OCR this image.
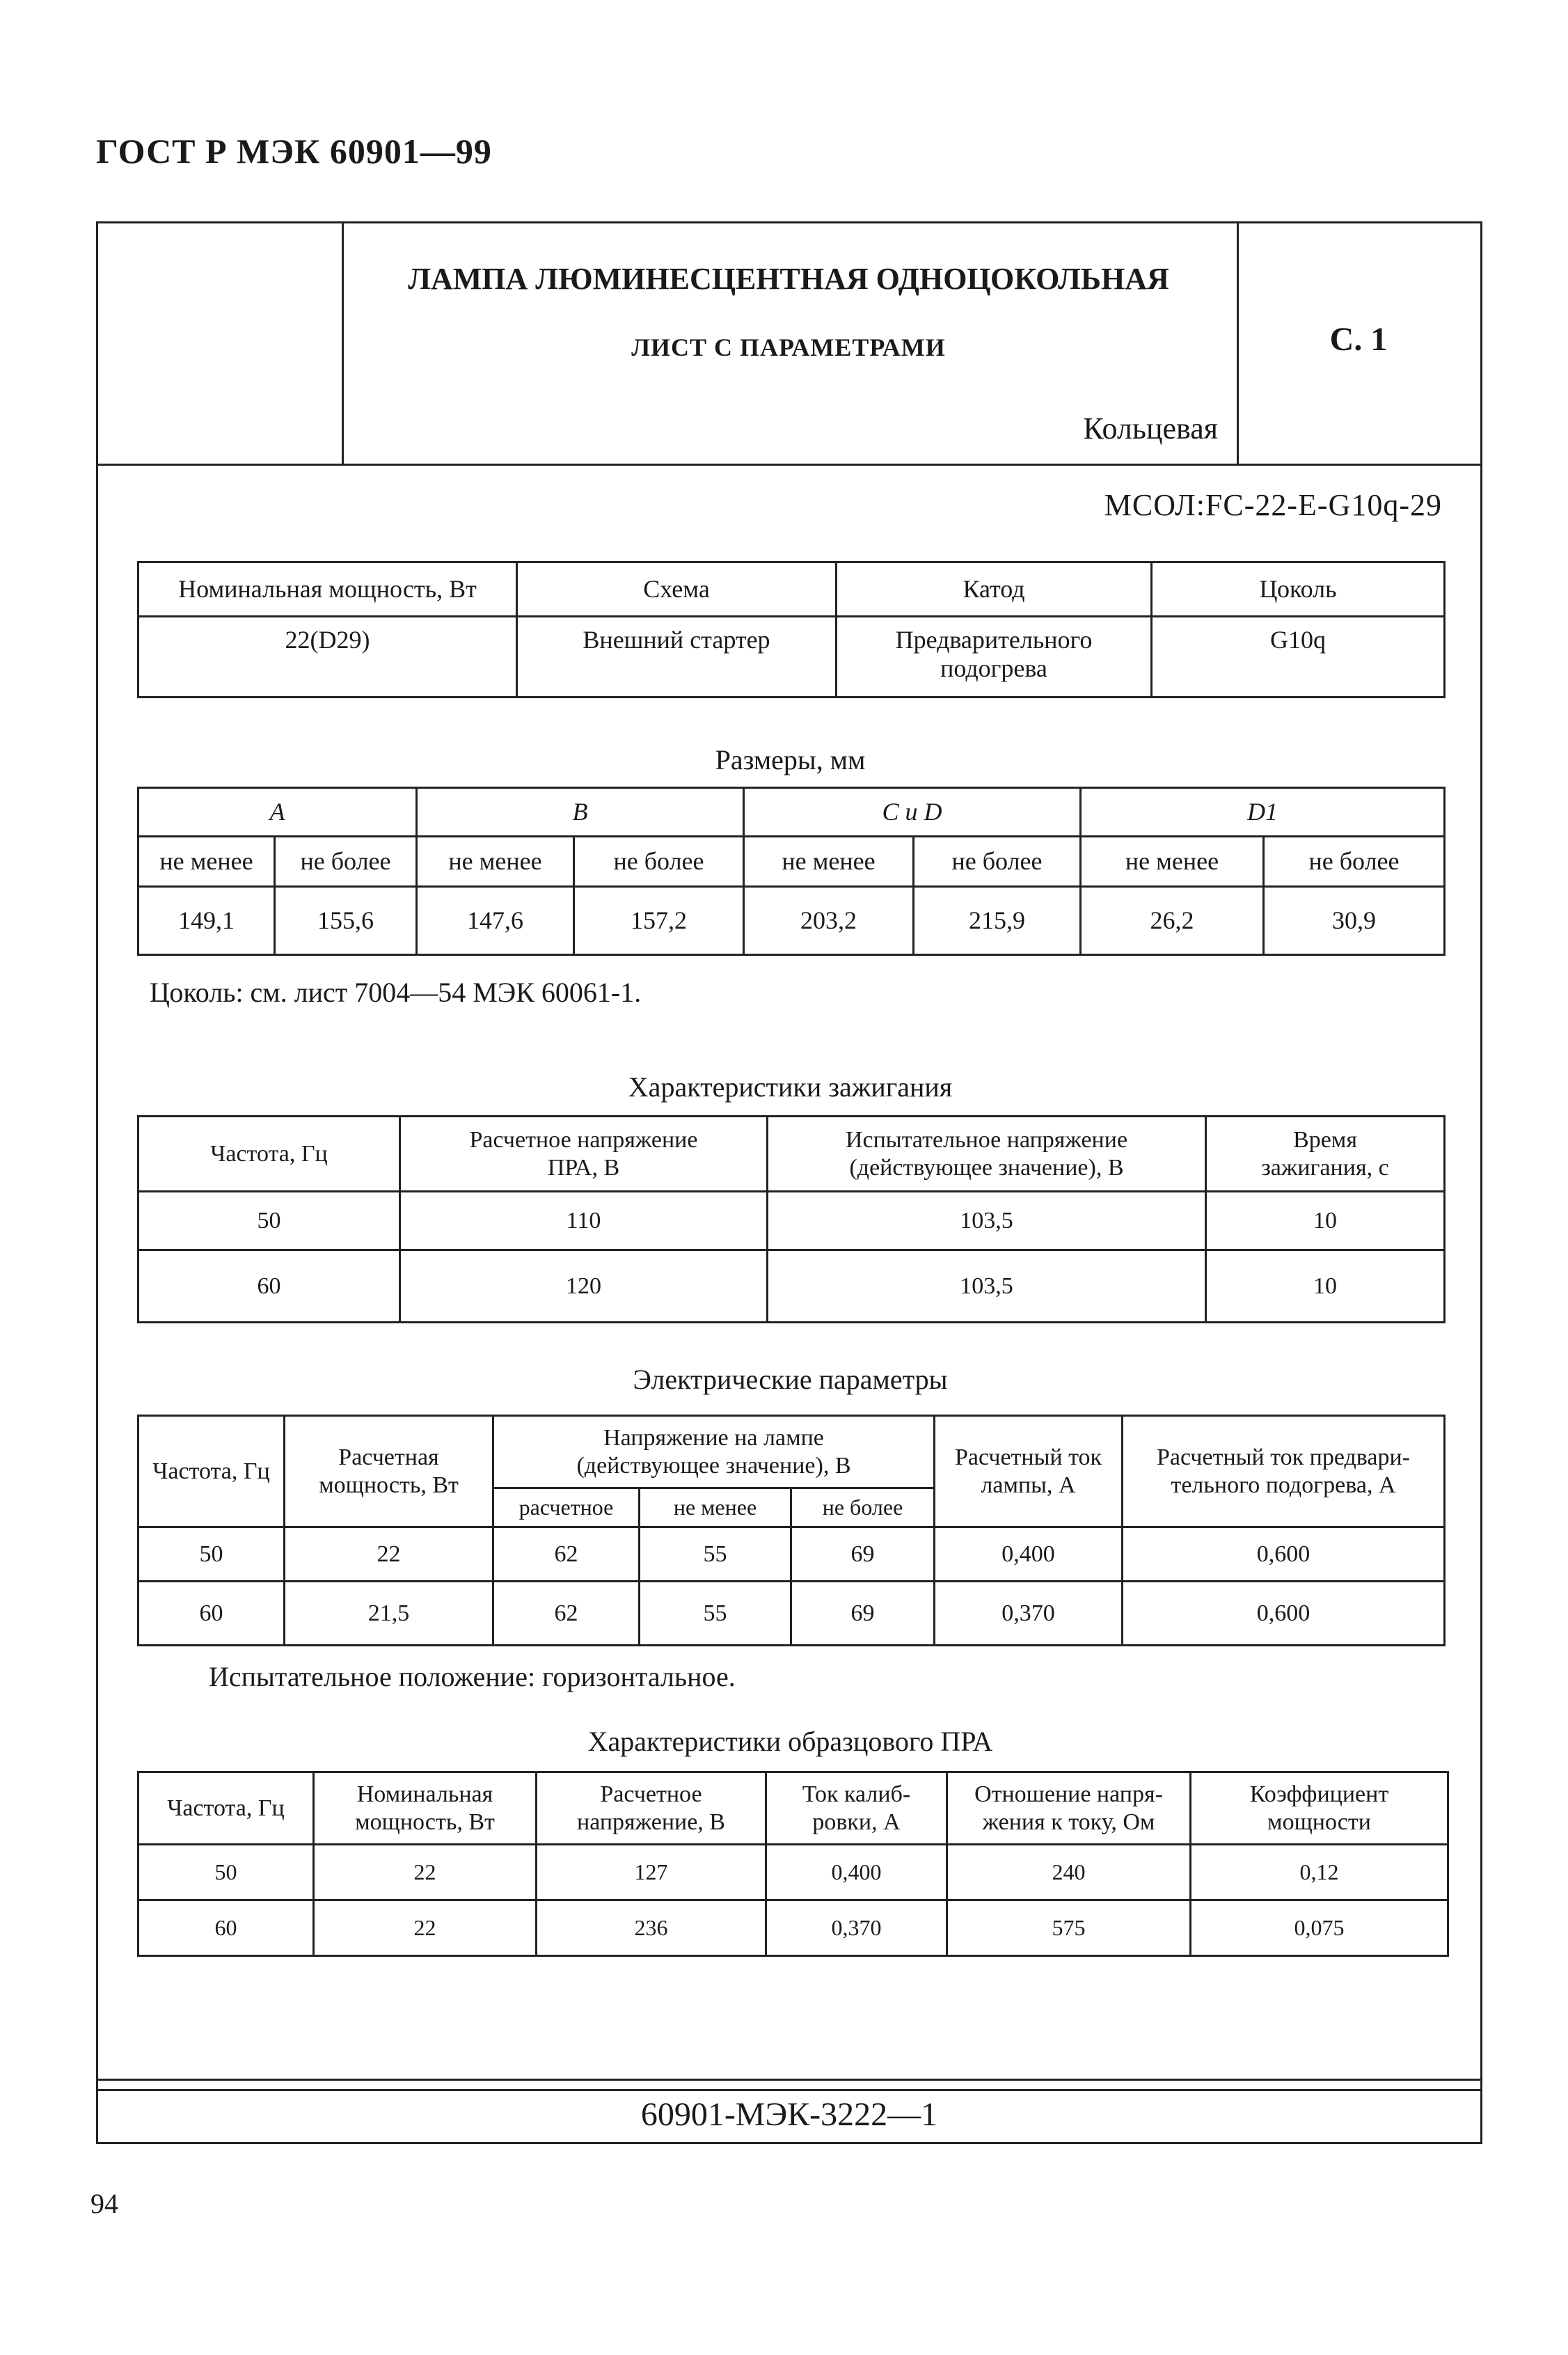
ГОСТ Р МЭК 60901—99
ЛАМПА ЛЮМИНЕСЦЕНТНАЯ ОДНОЦОКОЛЬНАЯ
ЛИСТ С ПАРАМЕТРАМИ	С. 1
Кольцевая
МСОЛ:FC-22-E-G10q-29
Номинальная мощность, Вт	Схема	Катод	Цоколь
22(D29)	Внешний стартер	Предварительного подогрева	G10q
Размеры, мм
A		B		C и D		D1	
не менее	не более	не менее	не более	не менее	не более	не менее	не более
149,1	155,6	147,6	157,2	203,2	215,9	26,2	30,9
Цоколь: см. лист 7004—54 МЭК 60061-1.
Характеристики зажигания
Частота, Гц	Расчетное напряжение ПРА, В	Испытательное напряжение (действующее значение), В	Время зажигания, с
50	110	103,5	10
60	120	103,5	10
Электрические параметры
Частота, Гц	Расчетная мощность, Вт	Напряжение на лампе (действующее значение), В			Расчетный ток лампы, А	Расчетный ток предвари-тельного подогрева, А
		расчетное	не менее	не более		
50	22	62	55	69	0,400	0,600
60	21,5	62	55	69	0,370	0,600
Испытательное положение: горизонтальное.
Характеристики образцового ПРА
Частота, Гц	Номинальная мощность, Вт	Расчетное напряжение, В	Ток калиб-ровки, А	Отношение напря-жения к току, Ом	Коэффициент мощности
50	22	127	0,400	240	0,12
60	22	236	0,370	575	0,075
60901-МЭК-3222—1
94
